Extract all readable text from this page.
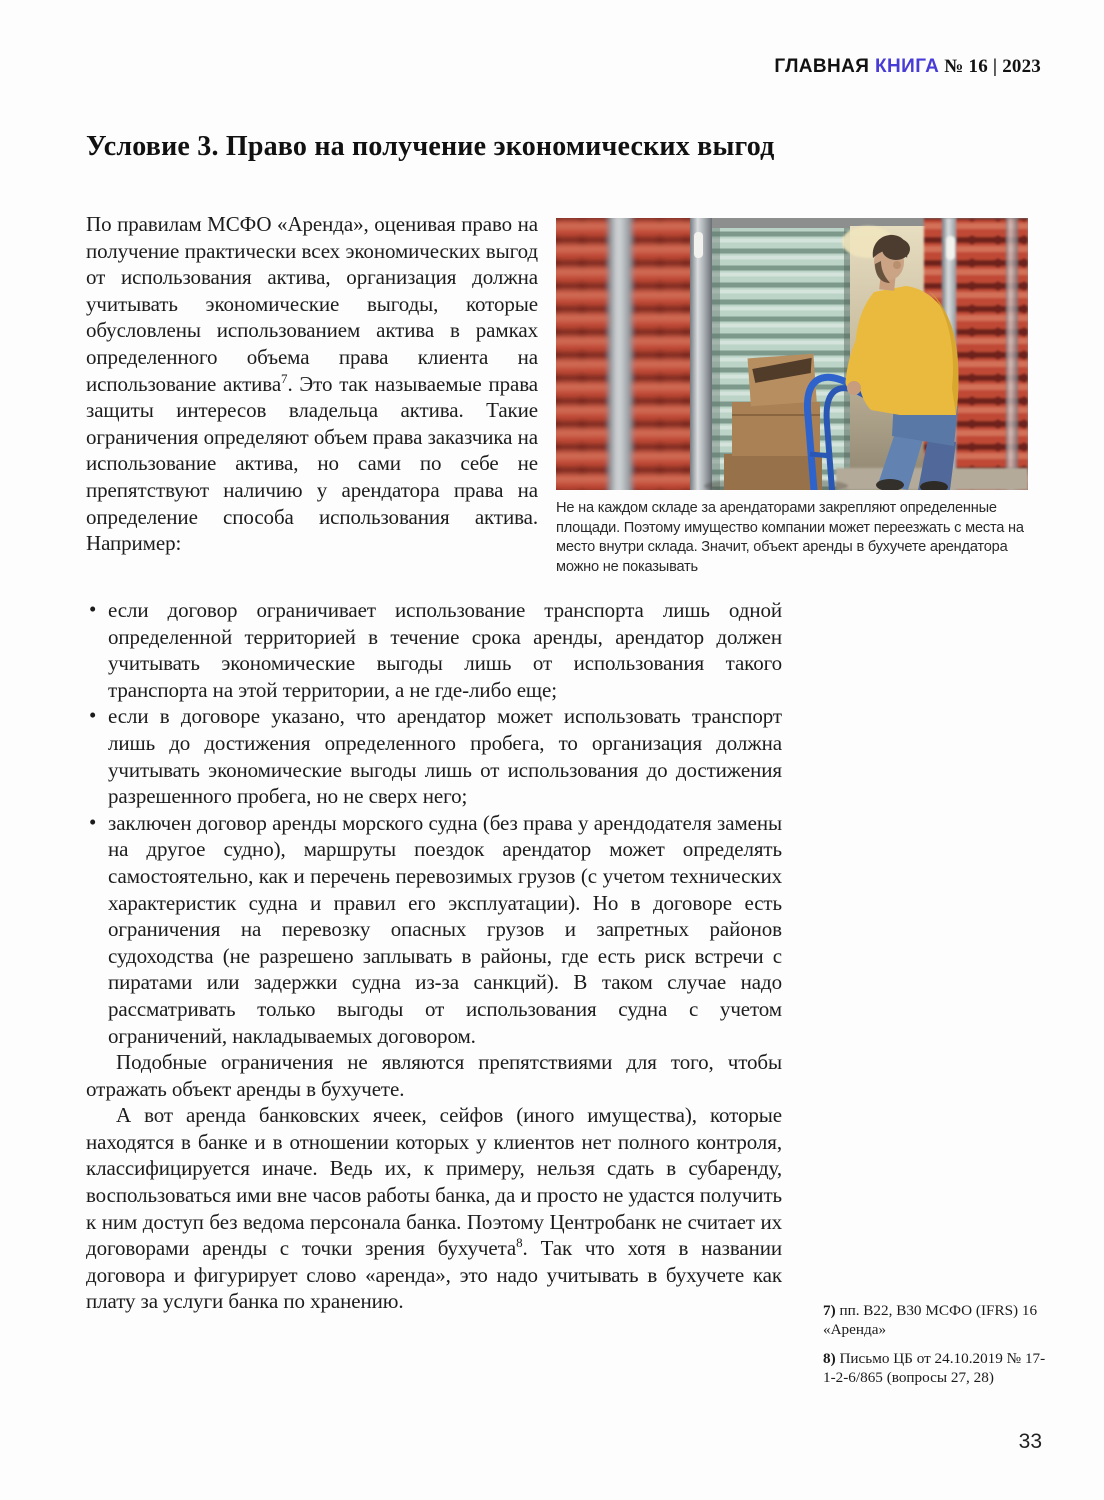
ГЛАВНАЯ КНИГА № 16 | 2023
Условие 3. Право на получение экономических выгод
По правилам МСФО «Аренда», оценивая право на получение практически всех экономических выгод от использования актива, организация должна учитывать экономические выгоды, которые обусловлены использованием актива в рамках определенного объема права клиента на использование актива$^7$. Это так называемые права защиты интересов владельца актива. Такие ограничения определяют объем права заказчика на использование актива, но сами по себе не препятствуют наличию у арендатора права на определение способа использования актива. Например:
Не на каждом складе за арендаторами закрепляют определенные площади. Поэтому имущество компании может переезжать с места на место внутри склада. Значит, объект аренды в бухучете арендатора можно не показывать
• если договор ограничивает использование транспорта лишь одной определенной территорией в течение срока аренды, арендатор должен учитывать экономические выгоды лишь от использования такого транспорта на этой территории, а не где-либо еще;
• если в договоре указано, что арендатор может использовать транспорт лишь до достижения определенного пробега, то организация должна учитывать экономические выгоды лишь от использования до достижения разрешенного пробега, но не сверх него;
• заключен договор аренды морского судна (без права у арендодателя замены на другое судно), маршруты поездок арендатор может определять самостоятельно, как и перечень перевозимых грузов (с учетом технических характеристик судна и правил его эксплуатации). Но в договоре есть ограничения на перевозку опасных грузов и запретных районов судоходства (не разрешено заплывать в районы, где есть риск встречи с пиратами или задержки судна из-за санкций). В таком случае надо рассматривать только выгоды от использования судна с учетом ограничений, накладываемых договором.

Подобные ограничения не являются препятствиями для того, чтобы отражать объект аренды в бухучете.

А вот аренда банковских ячеек, сейфов (иного имущества), которые находятся в банке и в отношении которых у клиентов нет полного контроля, классифицируется иначе. Ведь их, к примеру, нельзя сдать в субаренду, воспользоваться ими вне часов работы банка, да и просто не удастся получить к ним доступ без ведома персонала банка. Поэтому Центробанк не считает их договорами аренды с точки зрения бухучета$^8$. Так что хотя в названии договора и фигурирует слово «аренда», это надо учитывать в бухучете как плату за услуги банка по хранению.	7) пп. В22, В30 МСФО (IFRS) 16 «Аренда»
8) Письмо ЦБ от 24.10.2019 № 17-1-2-6/865 (вопросы 27, 28)
33
